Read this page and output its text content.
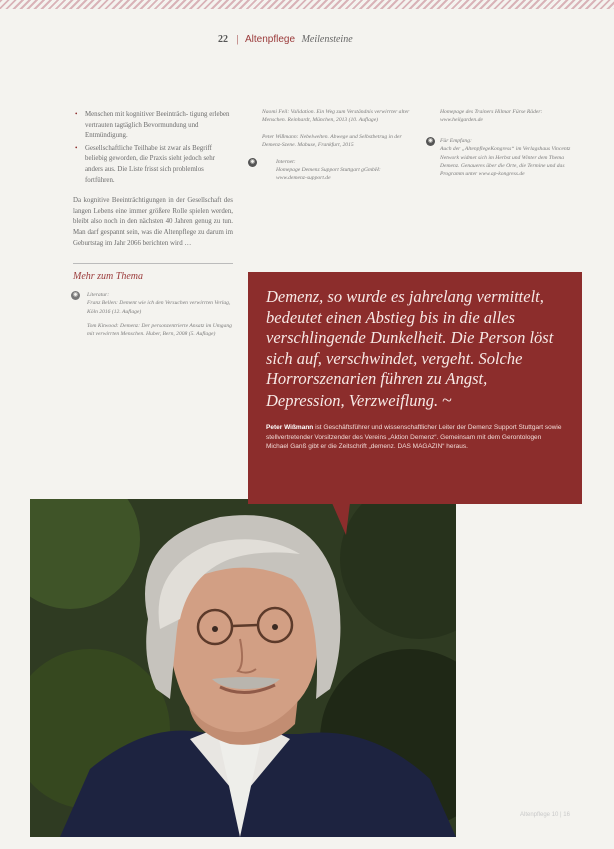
22 | Altenpflege Meilensteine
• Menschen mit kognitiver Beeinträch- tigung erleben vertrauten tagtäglich Bevormundung und Entmündigung.
• Gesellschaftliche Teilhabe ist zwar als Begriff beliebig geworden, die Praxis sieht jedoch sehr anders aus. Die Liste frisst sich problemlos fortführen.
Da kognitive Beeinträchtigungen in der Gesellschaft des langen Lebens eine immer größere Rolle spielen werden, bleibt also noch in den nächsten 40 Jahren genug zu tun. Man darf gespannt sein, was die Altenpflege zu darum im Geburtstag im Jahr 2066 berichten wird …
Mehr zum Thema
◉	Literatur:
Franz Bellen: Dement wie ich den Versuchen verwirrten Verlag, Köln 2016 (12. Auflage)
Tom Kitwood: Demenz: Der personzentrierte Ansatz im Umgang mit verwirrten Menschen. Huber, Bern, 2008 (5. Auflage)
Naomi Feil: Validation. Ein Weg zum Verständnis verwirrter alter Menschen. Reinhardt, München, 2013 (10. Auflage)
Peter Wißmann: Nebelwelten. Abwege und Selbstbetrug in der Demenz-Szene. Mabuse, Frankfurt, 2015
◉	Internet:
Homepage Demenz Support Stuttgart gGmbH: www.demenz-support.de
Homepage des Trainers Hilmar Fürse Räder: www.heilgarden.de
◉	Für Empfang:
Auch der „AltenpflegeKongress“ im Verlagshaus Vincentz Network widmet sich im Herbst und Winter dem Thema Demenz. Genaueres über die Orte, die Termine und das Programm unter www.ap-kongress.de
Demenz, so wurde es jahrelang vermittelt, bedeutet einen Abstieg bis in die alles verschlingende Dunkelheit. Die Person löst sich auf, verschwindet, vergeht. Solche Horrorszenarien führen zu Angst, Depression, Verzweiflung. ~
Peter Wißmann ist Geschäftsführer und wissenschaftlicher Leiter der Demenz Support Stuttgart sowie stellvertretender Vorsitzender des Vereins „Aktion Demenz“. Gemeinsam mit dem Gerontologen Michael Ganß gibt er die Zeitschrift „demenz. DAS MAGAZIN“ heraus.
Altenpflege 10 | 16
